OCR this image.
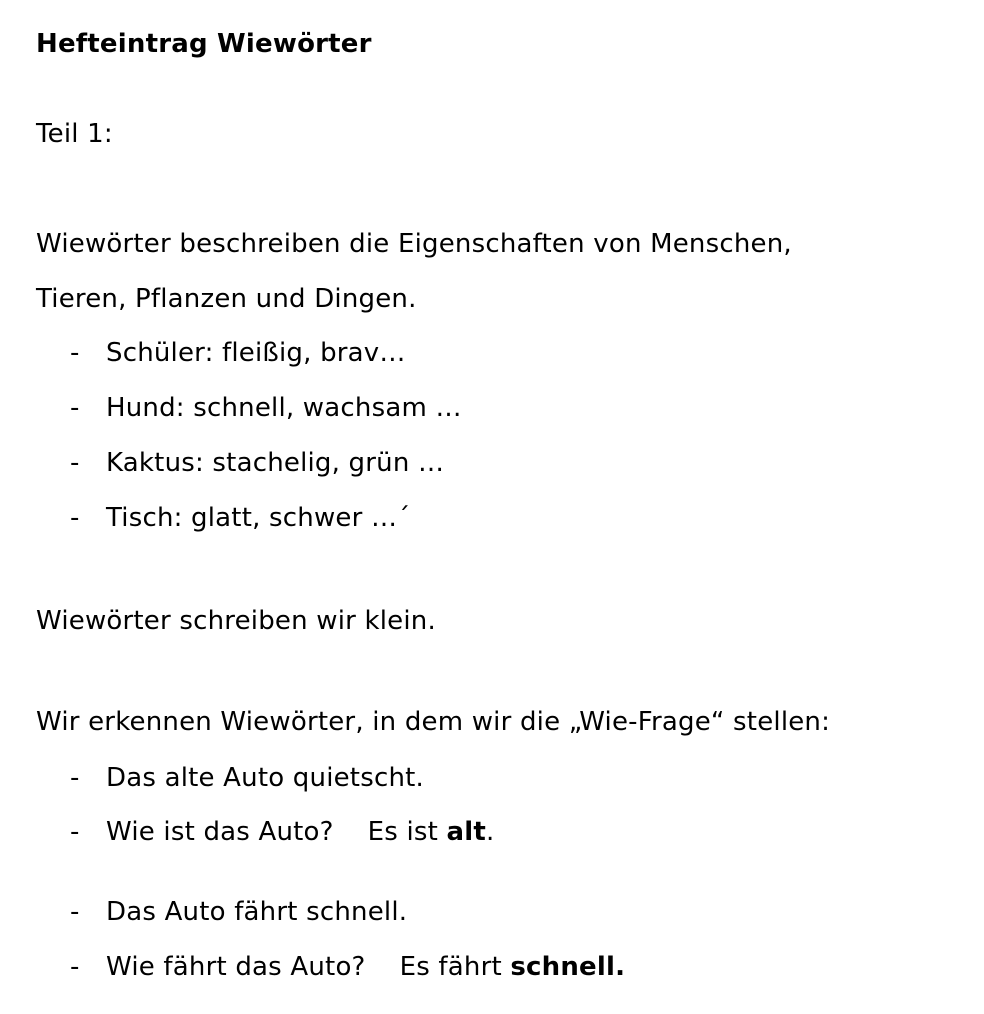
Hefteintrag Wiewörter
Teil 1:
Wiewörter beschreiben die Eigenschaften von Menschen,
Tieren, Pflanzen und Dingen.
- Schüler: fleißig, brav…
- Hund: schnell, wachsam …
- Kaktus: stachelig, grün …
- Tisch: glatt, schwer …´
Wiewörter schreiben wir klein.
Wir erkennen Wiewörter, in dem wir die „Wie-Frage“ stellen:
- Das alte Auto quietscht.
- Wie ist das Auto? Es ist alt.
- Das Auto fährt schnell.
- Wie fährt das Auto? Es fährt schnell.
